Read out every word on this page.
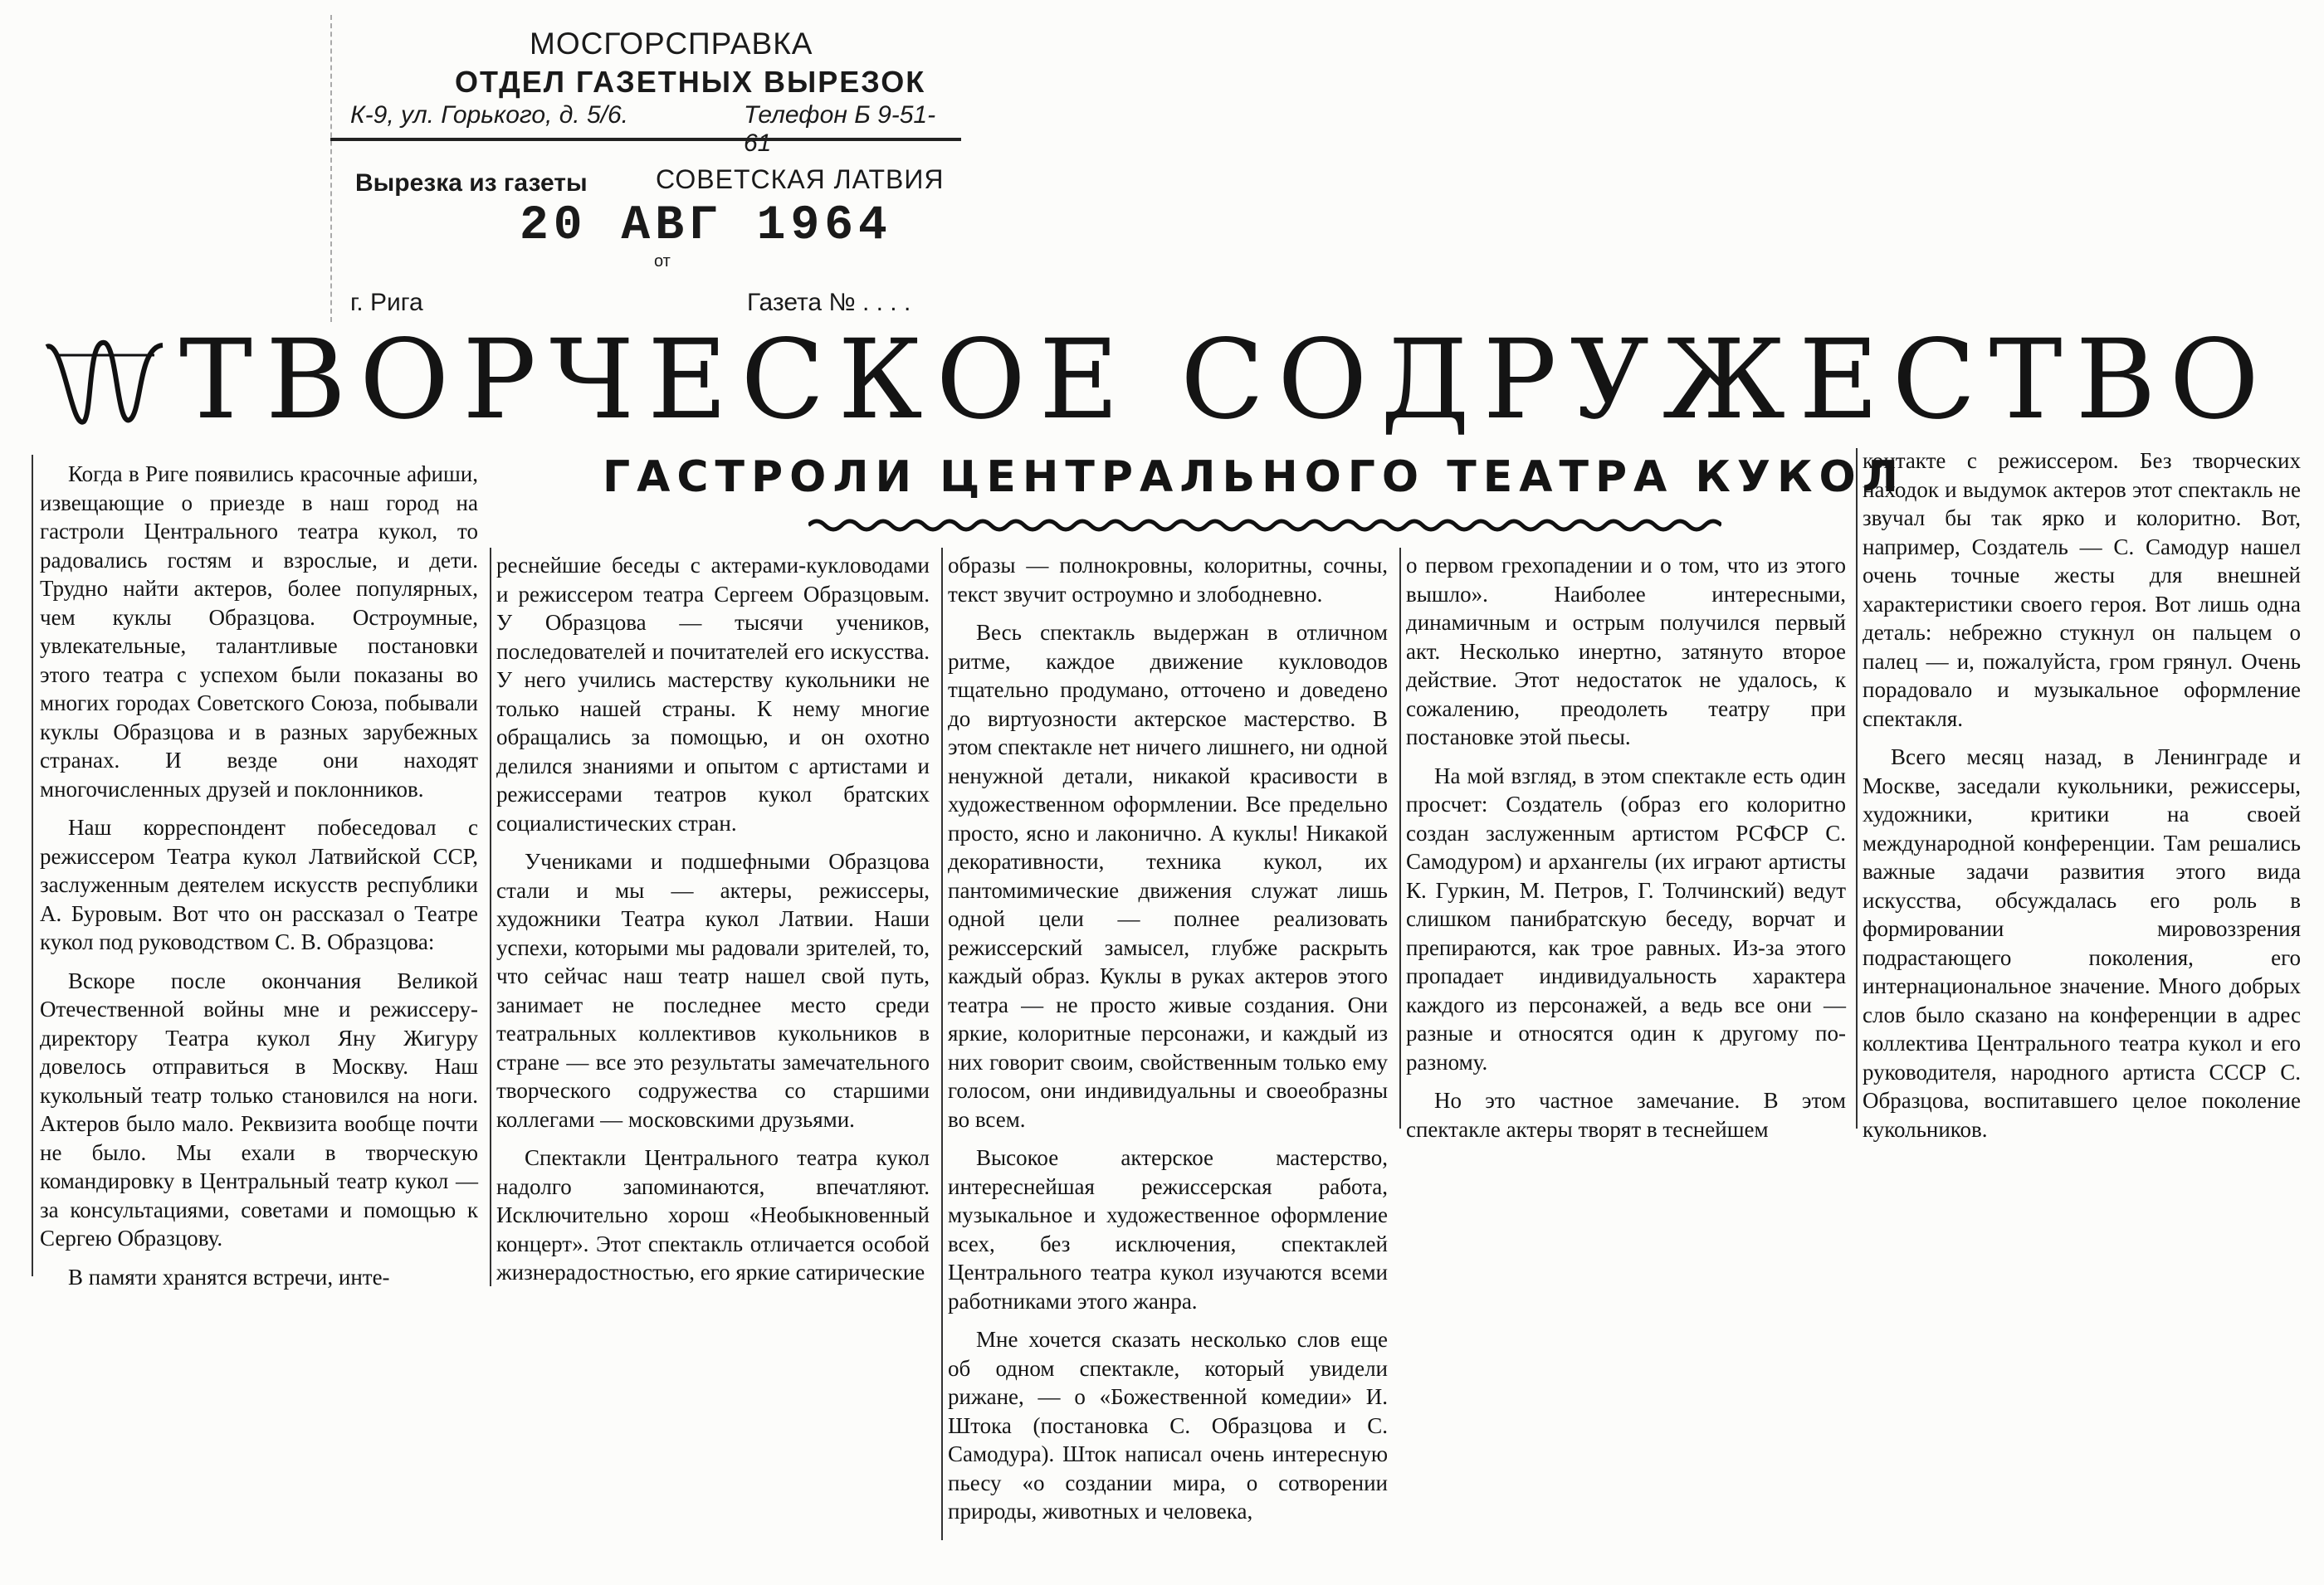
МОСГОРСПРАВКА
ОТДЕЛ ГАЗЕТНЫХ ВЫРЕЗОК
К-9, ул. Горького, д. 5/6.	Телефон Б 9-51-61
Вырезка из газеты	СОВЕТСКАЯ ЛАТВИЯ
20 АВГ 1964
от
г. Рига	Газета № . . . .
ТВОРЧЕСКОЕ СОДРУЖЕСТВО
ГАСТРОЛИ ЦЕНТРАЛЬНОГО ТЕАТРА КУКОЛ

Когда в Риге появились красочные афиши, извещающие о приезде в наш город на гастроли Центрального театра кукол, то радовались гостям и взрослые, и дети. Трудно найти актеров, более популярных, чем куклы Образцова. Остроумные, увлекательные, талантливые постановки этого театра с успехом были показаны во многих городах Советского Союза, побывали куклы Образцова и в разных зарубежных странах. И везде они находят многочисленных друзей и поклонников.

Наш корреспондент побеседовал с режиссером Театра кукол Латвийской ССР, заслуженным деятелем искусств республики А. Буровым. Вот что он рассказал о Театре кукол под руководством С. В. Образцова:

Вскоре после окончания Великой Отечественной войны мне и режиссеру-директору Театра кукол Яну Жигуру довелось отправиться в Москву. Наш кукольный театр только становился на ноги. Актеров было мало. Реквизита вообще почти не было. Мы ехали в творческую командировку в Центральный театр кукол — за консультациями, советами и помощью к Сергею Образцову.

В памяти хранятся встречи, инте-

реснейшие беседы с актерами-кукловодами и режиссером театра Сергеем Образцовым. У Образцова — тысячи учеников, последователей и почитателей его искусства. У него учились мастерству кукольники не только нашей страны. К нему многие обращались за помощью, и он охотно делился знаниями и опытом с артистами и режиссерами театров кукол братских социалистических стран.

Учениками и подшефными Образцова стали и мы — актеры, режиссеры, художники Театра кукол Латвии. Наши успехи, которыми мы радовали зрителей, то, что сейчас наш театр нашел свой путь, занимает не последнее место среди театральных коллективов кукольников в стране — все это результаты замечательного творческого содружества со старшими коллегами — московскими друзьями.

Спектакли Центрального театра кукол надолго запоминаются, впечатляют. Исключительно хорош «Необыкновенный концерт». Этот спектакль отличается особой жизнерадостностью, его яркие сатирические

образы — полнокровны, колоритны, сочны, текст звучит остроумно и злободневно.

Весь спектакль выдержан в отличном ритме, каждое движение кукловодов тщательно продумано, отточено и доведено до виртуозности актерское мастерство. В этом спектакле нет ничего лишнего, ни одной ненужной детали, никакой красивости в художественном оформлении. Все предельно просто, ясно и лаконично. А куклы! Никакой декоративности, техника кукол, их пантомимические движения служат лишь одной цели — полнее реализовать режиссерский замысел, глубже раскрыть каждый образ. Куклы в руках актеров этого театра — не просто живые создания. Они яркие, колоритные персонажи, и каждый из них говорит своим, свойственным только ему голосом, они индивидуальны и своеобразны во всем.

Высокое актерское мастерство, интереснейшая режиссерская работа, музыкальное и художественное оформление всех, без исключения, спектаклей Центрального театра кукол изучаются всеми работниками этого жанра.

Мне хочется сказать несколько слов еще об одном спектакле, который увидели рижане, — о «Божественной комедии» И. Штока (постановка С. Образцова и С. Самодура). Шток написал очень интересную пьесу «о создании мира, о сотворении природы, животных и человека,

о первом грехопадении и о том, что из этого вышло». Наиболее интересными, динамичным и острым получился первый акт. Несколько инертно, затянуто второе действие. Этот недостаток не удалось, к сожалению, преодолеть театру при постановке этой пьесы.

На мой взгляд, в этом спектакле есть один просчет: Создатель (образ его колоритно создан заслуженным артистом РСФСР С. Самодуром) и архангелы (их играют артисты К. Гуркин, М. Петров, Г. Толчинский) ведут слишком панибратскую беседу, ворчат и препираются, как трое равных. Из-за этого пропадает индивидуальность характера каждого из персонажей, а ведь все они — разные и относятся один к другому по-разному.

Но это частное замечание. В этом спектакле актеры творят в теснейшем

контакте с режиссером. Без творческих находок и выдумок актеров этот спектакль не звучал бы так ярко и колоритно. Вот, например, Создатель — С. Самодур нашел очень точные жесты для внешней характеристики своего героя. Вот лишь одна деталь: небрежно стукнул он пальцем о палец — и, пожалуйста, гром грянул. Очень порадовало и музыкальное оформление спектакля.

Всего месяц назад, в Ленинграде и Москве, заседали кукольники, режиссеры, художники, критики на своей международной конференции. Там решались важные задачи развития этого вида искусства, обсуждалась его роль в формировании мировоззрения подрастающего поколения, его интернациональное значение. Много добрых слов было сказано на конференции в адрес коллектива Центрального театра кукол и его руководителя, народного артиста СССР С. Образцова, воспитавшего целое поколение кукольников.
